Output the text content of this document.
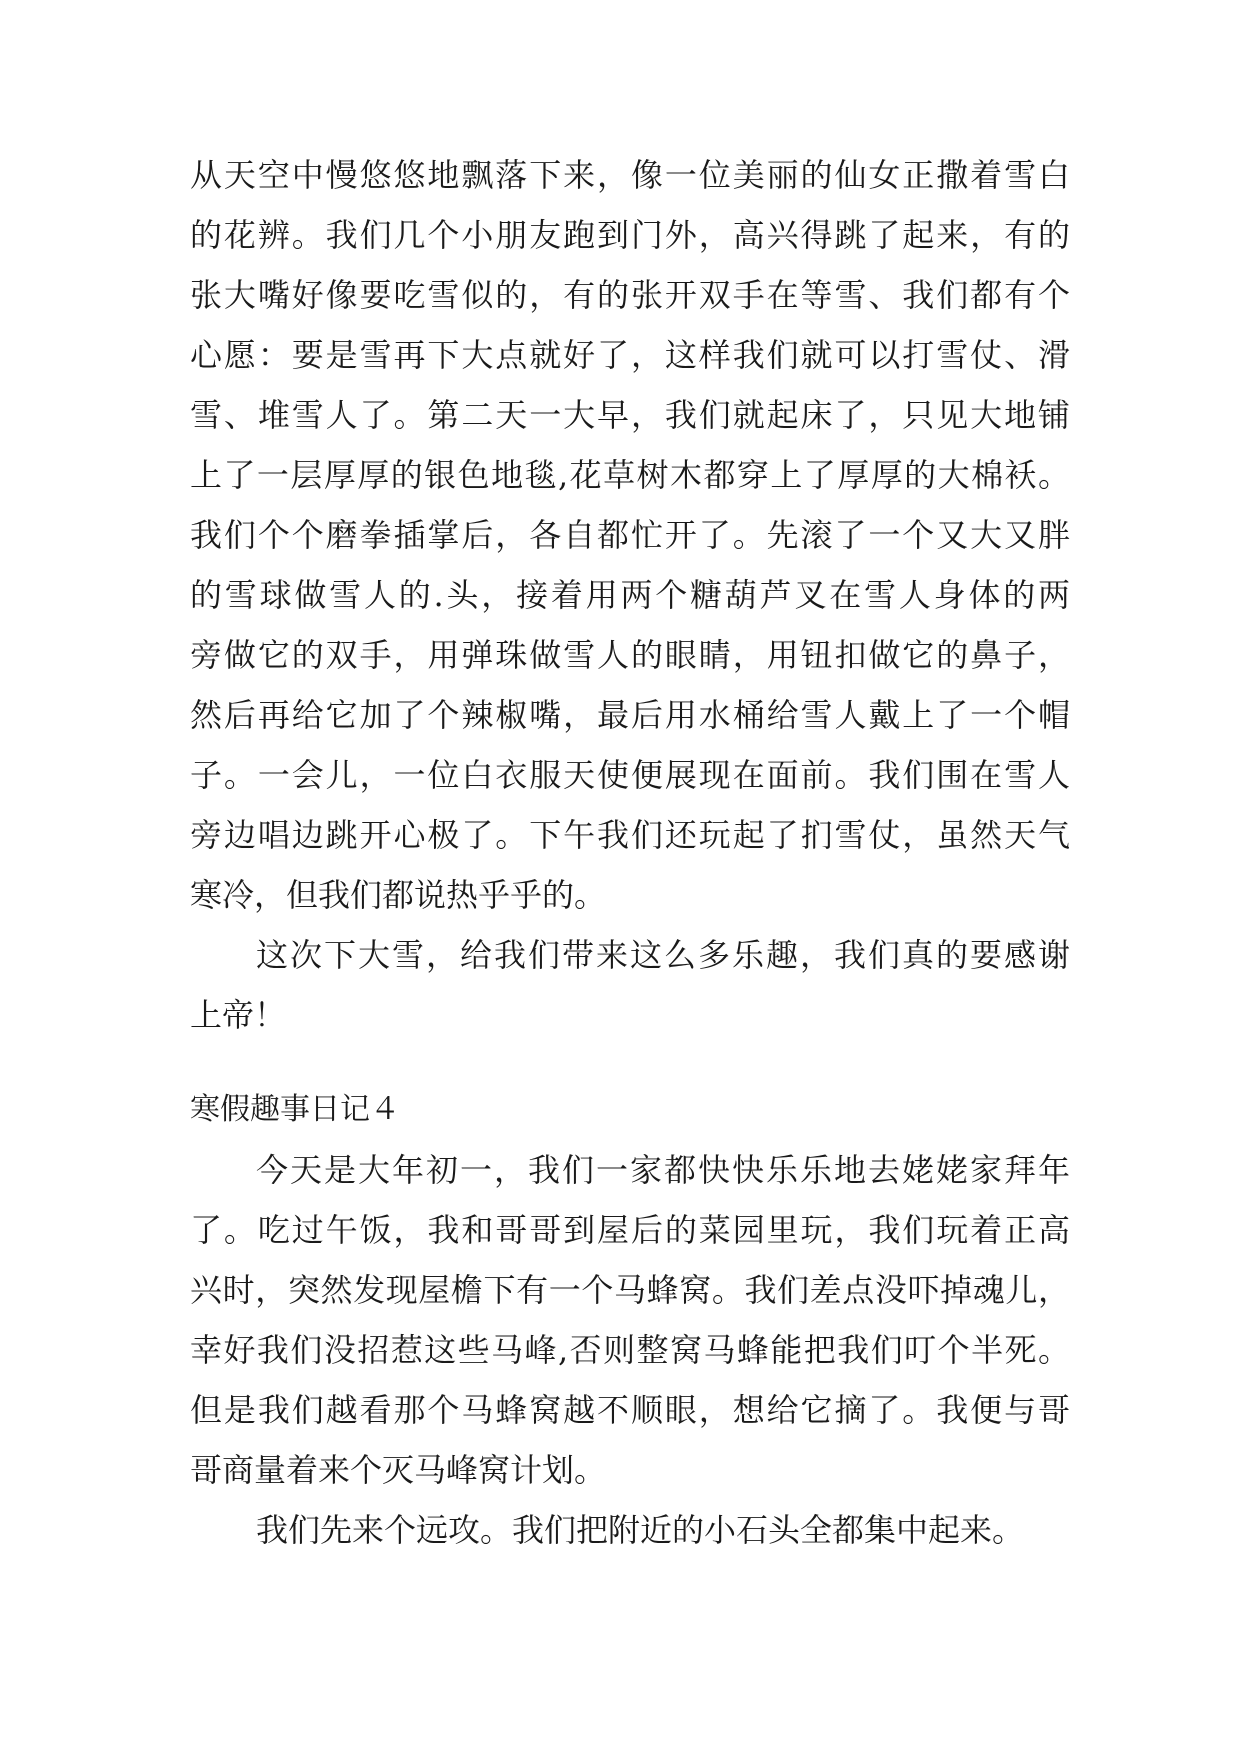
从天空中慢悠悠地飘落下来，像一位美丽的仙女正撒着雪白
的花辨。我们几个小朋友跑到门外，高兴得跳了起来，有的
张大嘴好像要吃雪似的，有的张开双手在等雪、我们都有个
心愿：要是雪再下大点就好了，这样我们就可以打雪仗、滑
雪、堆雪人了。第二天一大早，我们就起床了，只见大地铺
上了一层厚厚的银色地毯,花草树木都穿上了厚厚的大棉袄。
我们个个磨拳插掌后，各自都忙开了。先滚了一个又大又胖
的雪球做雪人的.头，接着用两个糖葫芦叉在雪人身体的两
旁做它的双手，用弹珠做雪人的眼睛，用钮扣做它的鼻子，
然后再给它加了个辣椒嘴，最后用水桶给雪人戴上了一个帽
子。一会儿，一位白衣服天使便展现在面前。我们围在雪人
旁边唱边跳开心极了。下午我们还玩起了扪雪仗，虽然天气
寒冷，但我们都说热乎乎的。
这次下大雪，给我们带来这么多乐趣，我们真的要感谢
上帝！
寒假趣事日记４
今天是大年初一，我们一家都快快乐乐地去姥姥家拜年
了。吃过午饭，我和哥哥到屋后的菜园里玩，我们玩着正高
兴时，突然发现屋檐下有一个马蜂窝。我们差点没吓掉魂儿，
幸好我们没招惹这些马峰,否则整窝马蜂能把我们叮个半死。
但是我们越看那个马蜂窝越不顺眼，想给它摘了。我便与哥
哥商量着来个灭马峰窝计划。
我们先来个远攻。我们把附近的小石头全都集中起来。
